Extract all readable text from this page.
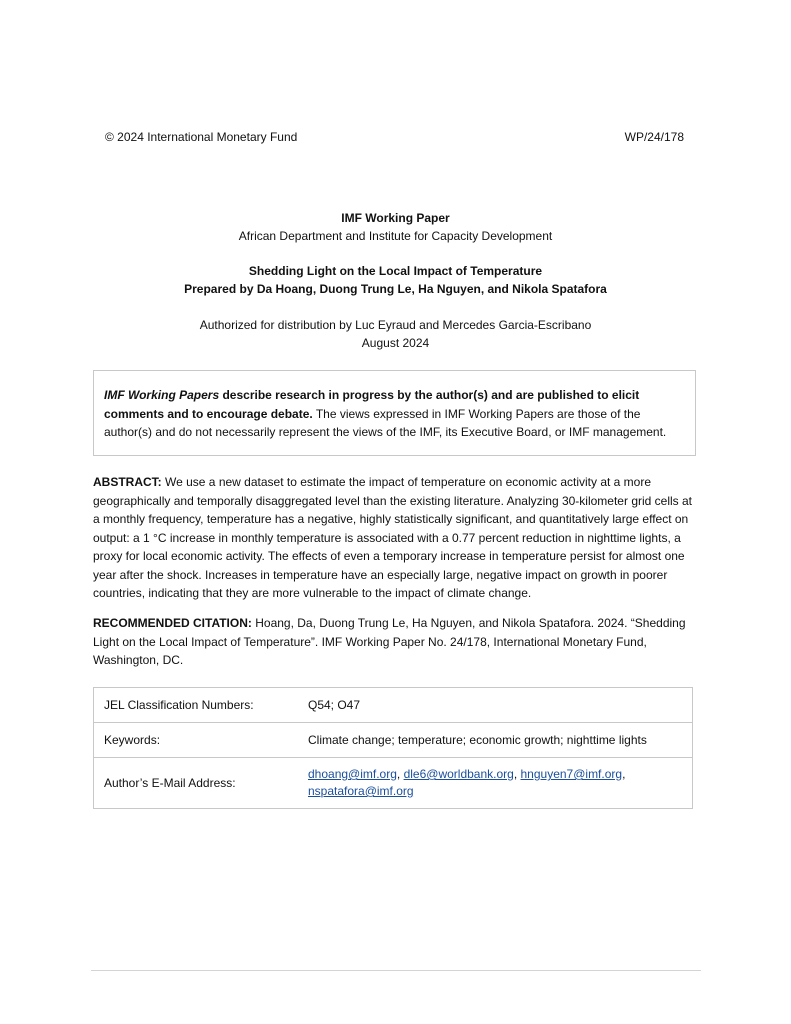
© 2024 International Monetary Fund	WP/24/178
IMF Working Paper
African Department and Institute for Capacity Development
Shedding Light on the Local Impact of Temperature
Prepared by Da Hoang, Duong Trung Le, Ha Nguyen, and Nikola Spatafora
Authorized for distribution by Luc Eyraud and Mercedes Garcia-Escribano
August 2024
IMF Working Papers describe research in progress by the author(s) and are published to elicit comments and to encourage debate. The views expressed in IMF Working Papers are those of the author(s) and do not necessarily represent the views of the IMF, its Executive Board, or IMF management.
ABSTRACT: We use a new dataset to estimate the impact of temperature on economic activity at a more geographically and temporally disaggregated level than the existing literature. Analyzing 30-kilometer grid cells at a monthly frequency, temperature has a negative, highly statistically significant, and quantitatively large effect on output: a 1 °C increase in monthly temperature is associated with a 0.77 percent reduction in nighttime lights, a proxy for local economic activity. The effects of even a temporary increase in temperature persist for almost one year after the shock. Increases in temperature have an especially large, negative impact on growth in poorer countries, indicating that they are more vulnerable to the impact of climate change.
RECOMMENDED CITATION: Hoang, Da, Duong Trung Le, Ha Nguyen, and Nikola Spatafora. 2024. “Shedding Light on the Local Impact of Temperature”. IMF Working Paper No. 24/178, International Monetary Fund, Washington, DC.
JEL Classification Numbers:	Q54; O47
Keywords:	Climate change; temperature; economic growth; nighttime lights
Author’s E-Mail Address:	dhoang@imf.org, dle6@worldbank.org, hnguyen7@imf.org,
nspatafora@imf.org
